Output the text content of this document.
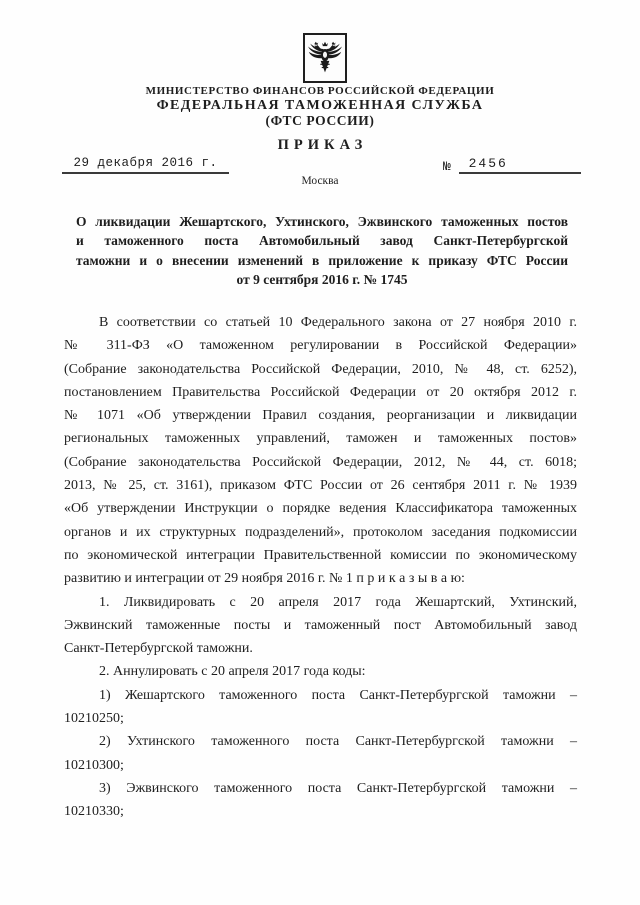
МИНИСТЕРСТВО ФИНАНСОВ РОССИЙСКОЙ ФЕДЕРАЦИИ
ФЕДЕРАЛЬНАЯ ТАМОЖЕННАЯ СЛУЖБА
(ФТС РОССИИ)
ПРИКАЗ
29 декабря 2016 г.	№ 2456
Москва
О ликвидации Жешартского, Ухтинского, Эжвинского таможенных постов
и таможенного поста Автомобильный завод Санкт-Петербургской
таможни и о внесении изменений в приложение к приказу ФТС России
от 9 сентября 2016 г. № 1745
В соответствии со статьей 10 Федерального закона от 27 ноября 2010 г.
№ 311-ФЗ «О таможенном регулировании в Российской Федерации»
(Собрание законодательства Российской Федерации, 2010, № 48, ст. 6252),
постановлением Правительства Российской Федерации от 20 октября 2012 г.
№ 1071 «Об утверждении Правил создания, реорганизации и ликвидации
региональных таможенных управлений, таможен и таможенных постов»
(Собрание законодательства Российской Федерации, 2012, № 44, ст. 6018;
2013, № 25, ст. 3161), приказом ФТС России от 26 сентября 2011 г. № 1939
«Об утверждении Инструкции о порядке ведения Классификатора таможенных
органов и их структурных подразделений», протоколом заседания подкомиссии
по экономической интеграции Правительственной комиссии по экономическому
развитию и интеграции от 29 ноября 2016 г. № 1 п р и к а з ы в а ю:
1. Ликвидировать с 20 апреля 2017 года Жешартский, Ухтинский,
Эжвинский таможенные посты и таможенный пост Автомобильный завод
Санкт-Петербургской таможни.
2. Аннулировать с 20 апреля 2017 года коды:
1) Жешартского таможенного поста Санкт-Петербургской таможни –
10210250;
2) Ухтинского таможенного поста Санкт-Петербургской таможни –
10210300;
3) Эжвинского таможенного поста Санкт-Петербургской таможни –
10210330;
